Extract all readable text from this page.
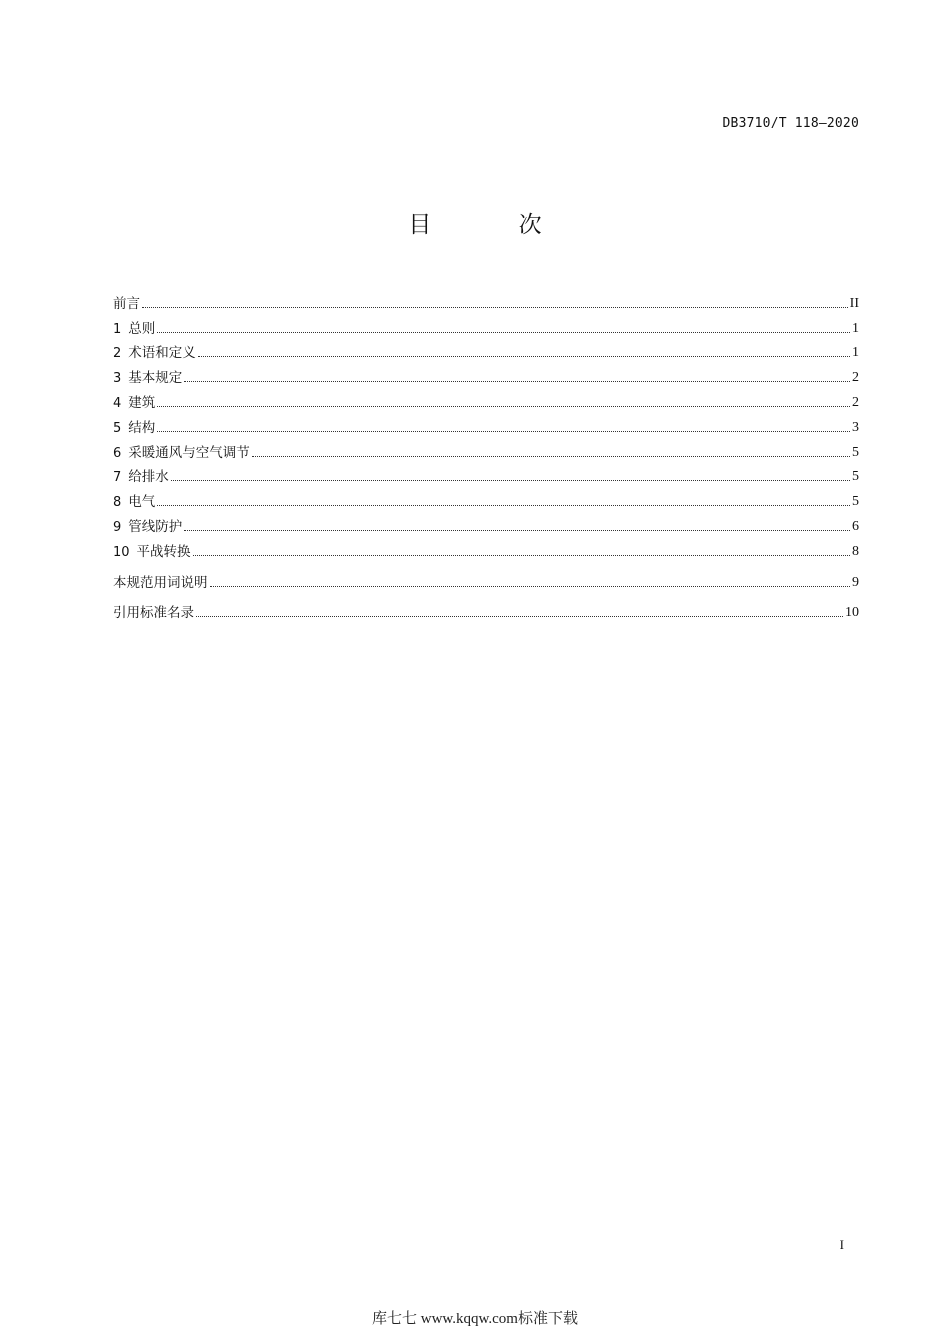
DB3710/T 118—2020
目 次
前言	II
1 总则	1
2 术语和定义	1
3 基本规定	2
4 建筑	2
5 结构	3
6 采暖通风与空气调节	5
7 给排水	5
8 电气	5
9 管线防护	6
10 平战转换	8
本规范用词说明	9
引用标准名录	10
I
库七七 www.kqqw.com标准下载
